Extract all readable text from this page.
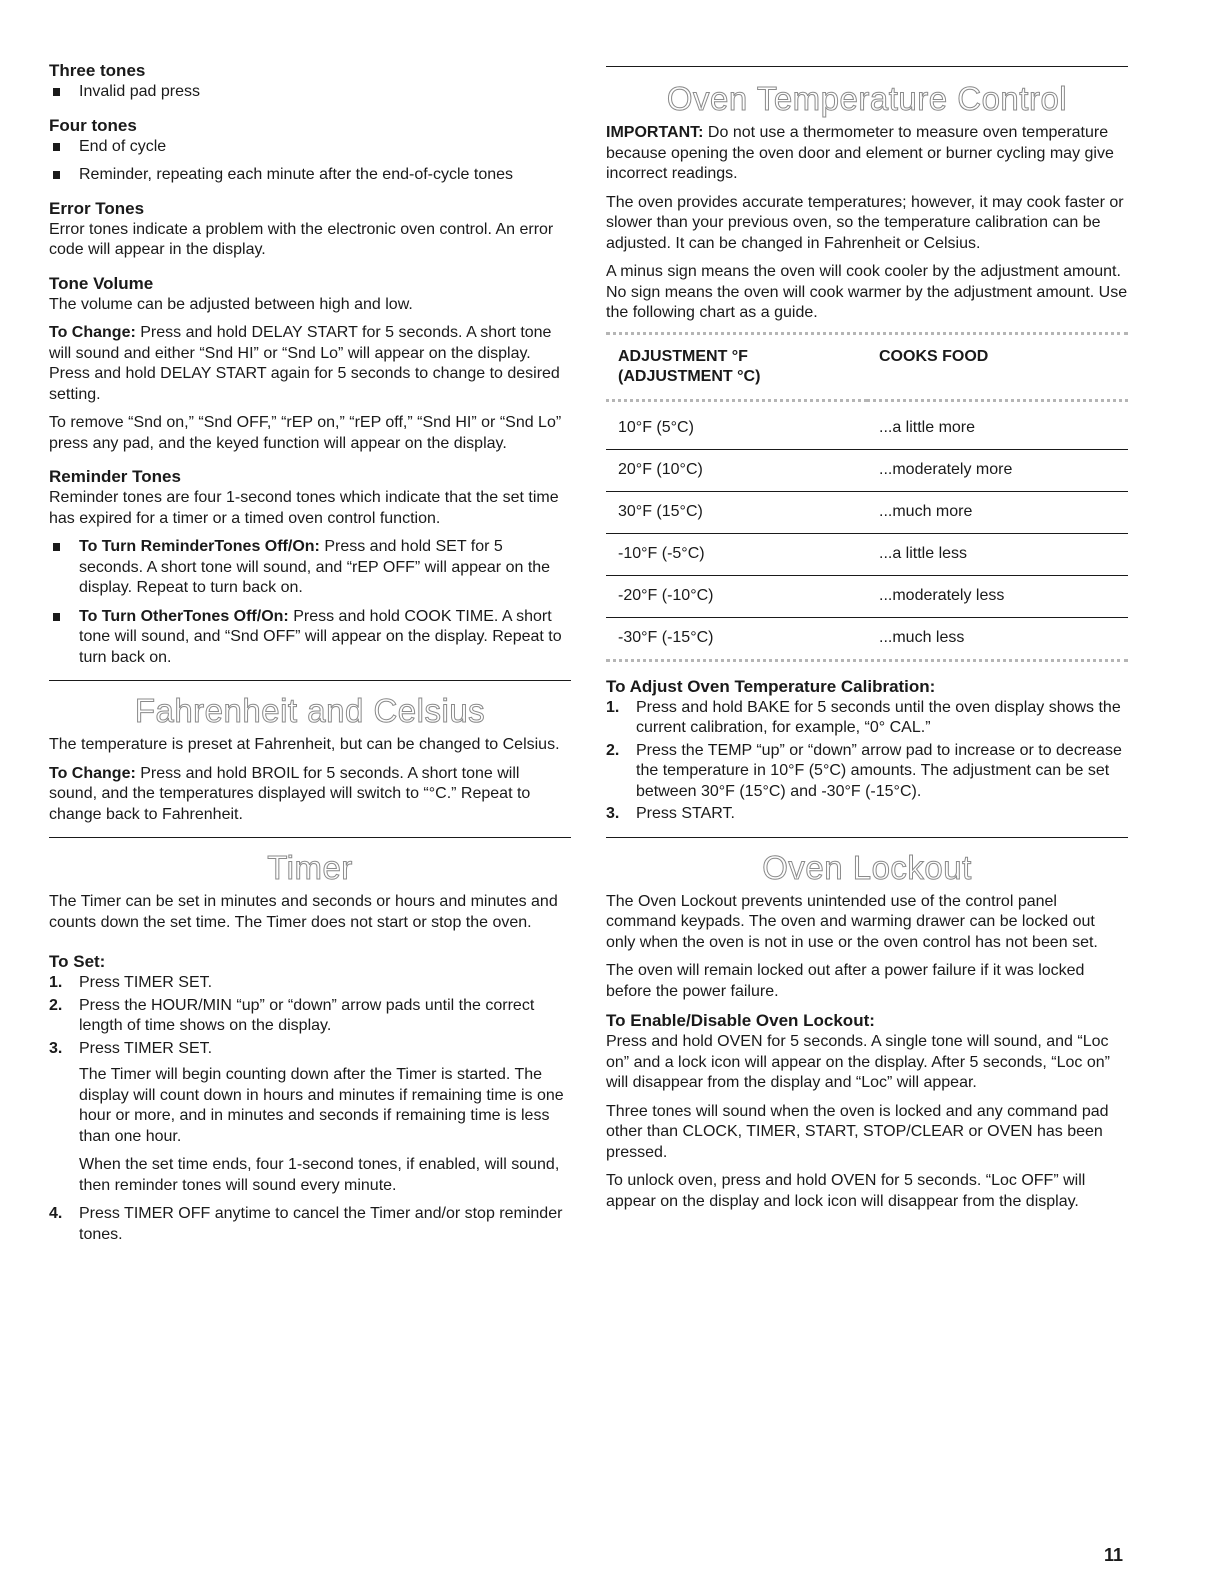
Three tones
Invalid pad press
Four tones
End of cycle
Reminder, repeating each minute after the end-of-cycle tones
Error Tones

Error tones indicate a problem with the electronic oven control. An error code will appear in the display.

Tone Volume

The volume can be adjusted between high and low.

To Change: Press and hold DELAY START for 5 seconds. A short tone will sound and either “Snd HI” or “Snd Lo” will appear on the display. Press and hold DELAY START again for 5 seconds to change to desired setting.

To remove “Snd on,” “Snd OFF,” “rEP on,” “rEP off,” “Snd HI” or “Snd Lo” press any pad, and the keyed function will appear on the display.

Reminder Tones

Reminder tones are four 1-second tones which indicate that the set time has expired for a timer or a timed oven control function.

To Turn ReminderTones Off/On: Press and hold SET for 5 seconds. A short tone will sound, and “rEP OFF” will appear on the display. Repeat to turn back on.
To Turn OtherTones Off/On: Press and hold COOK TIME. A short tone will sound, and “Snd OFF” will appear on the display. Repeat to turn back on.
Fahrenheit and Celsius

The temperature is preset at Fahrenheit, but can be changed to Celsius.

To Change: Press and hold BROIL for 5 seconds. A short tone will sound, and the temperatures displayed will switch to “°C.” Repeat to change back to Fahrenheit.

Timer

The Timer can be set in minutes and seconds or hours and minutes and counts down the set time. The Timer does not start or stop the oven.

To Set:
1. Press TIMER SET.
2. Press the HOUR/MIN “up” or “down” arrow pads until the correct length of time shows on the display.
3. Press TIMER SET.

The Timer will begin counting down after the Timer is started. The display will count down in hours and minutes if remaining time is one hour or more, and in minutes and seconds if remaining time is less than one hour.

When the set time ends, four 1-second tones, if enabled, will sound, then reminder tones will sound every minute.

4. Press TIMER OFF anytime to cancel the Timer and/or stop reminder tones.
Oven Temperature Control

IMPORTANT: Do not use a thermometer to measure oven temperature because opening the oven door and element or burner cycling may give incorrect readings.

The oven provides accurate temperatures; however, it may cook faster or slower than your previous oven, so the temperature calibration can be adjusted. It can be changed in Fahrenheit or Celsius.

A minus sign means the oven will cook cooler by the adjustment amount. No sign means the oven will cook warmer by the adjustment amount. Use the following chart as a guide.

ADJUSTMENT °F
(ADJUSTMENT °C)	COOKS FOOD

10°F (5°C)	...a little more
20°F (10°C)	...moderately more
30°F (15°C)	...much more
-10°F (-5°C)	...a little less
-20°F (-10°C)	...moderately less
-30°F (-15°C)	...much less
To Adjust Oven Temperature Calibration:
1. Press and hold BAKE for 5 seconds until the oven display shows the current calibration, for example, “0° CAL.”
2. Press the TEMP “up” or “down” arrow pad to increase or to decrease the temperature in 10°F (5°C) amounts. The adjustment can be set between 30°F (15°C) and -30°F (-15°C).
3. Press START.
Oven Lockout

The Oven Lockout prevents unintended use of the control panel command keypads. The oven and warming drawer can be locked out only when the oven is not in use or the oven control has not been set.

The oven will remain locked out after a power failure if it was locked before the power failure.

To Enable/Disable Oven Lockout:

Press and hold OVEN for 5 seconds. A single tone will sound, and “Loc on” and a lock icon will appear on the display. After 5 seconds, “Loc on” will disappear from the display and “Loc” will appear.

Three tones will sound when the oven is locked and any command pad other than CLOCK, TIMER, START, STOP/CLEAR or OVEN has been pressed.

To unlock oven, press and hold OVEN for 5 seconds. “Loc OFF” will appear on the display and lock icon will disappear from the display.

11
